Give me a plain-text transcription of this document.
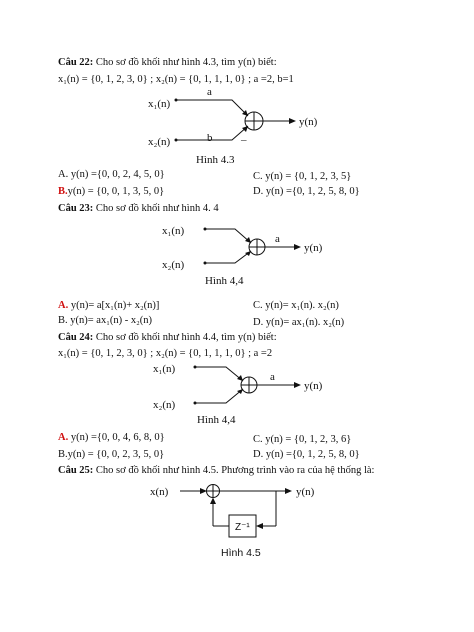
Câu 22: Cho sơ đồ khối như hình 4.3, tìm y(n) biết:
x₁(n) = {0, 1, 2, 3, 0} ; x₂(n) = {0, 1, 1, 1, 0} ; a =2, b=1
x₁(n)
x₂(n)
a
b	–
y(n)
Hình 4.3
A. y(n) ={0, 0, 2, 4, 5, 0}	C. y(n) = {0, 1, 2, 3, 5}
B.y(n) = {0, 0, 1, 3, 5, 0}	D. y(n) ={0, 1, 2, 5, 8, 0}
Câu 23: Cho sơ đồ khối như hình 4. 4
x₁(n)
x₂(n)
a
y(n)
Hình 4,4
A. y(n)= a[x₁(n)+ x₂(n)]	C. y(n)= x₁(n). x₂(n)
B. y(n)= ax₁(n) - x₂(n)	D. y(n)= ax₁(n). x₂(n)
Câu 24: Cho sơ đồ khối như hình 4.4, tìm y(n) biết:
x₁(n) = {0, 1, 2, 3, 0} ; x₂(n) = {0, 1, 1, 1, 0} ; a =2
x₁(n)
x₂(n)
a
y(n)
Hình 4,4
A. y(n) ={0, 0, 4, 6, 8, 0}	C. y(n) = {0, 1, 2, 3, 6}
B.y(n) = {0, 0, 2, 3, 5, 0}	D. y(n) ={0, 1, 2, 5, 8, 0}
Câu 25: Cho sơ đồ khối như hình 4.5. Phương trình vào ra của hệ thống là:
x(n)	y(n)
Z⁻¹
Hình 4.5
